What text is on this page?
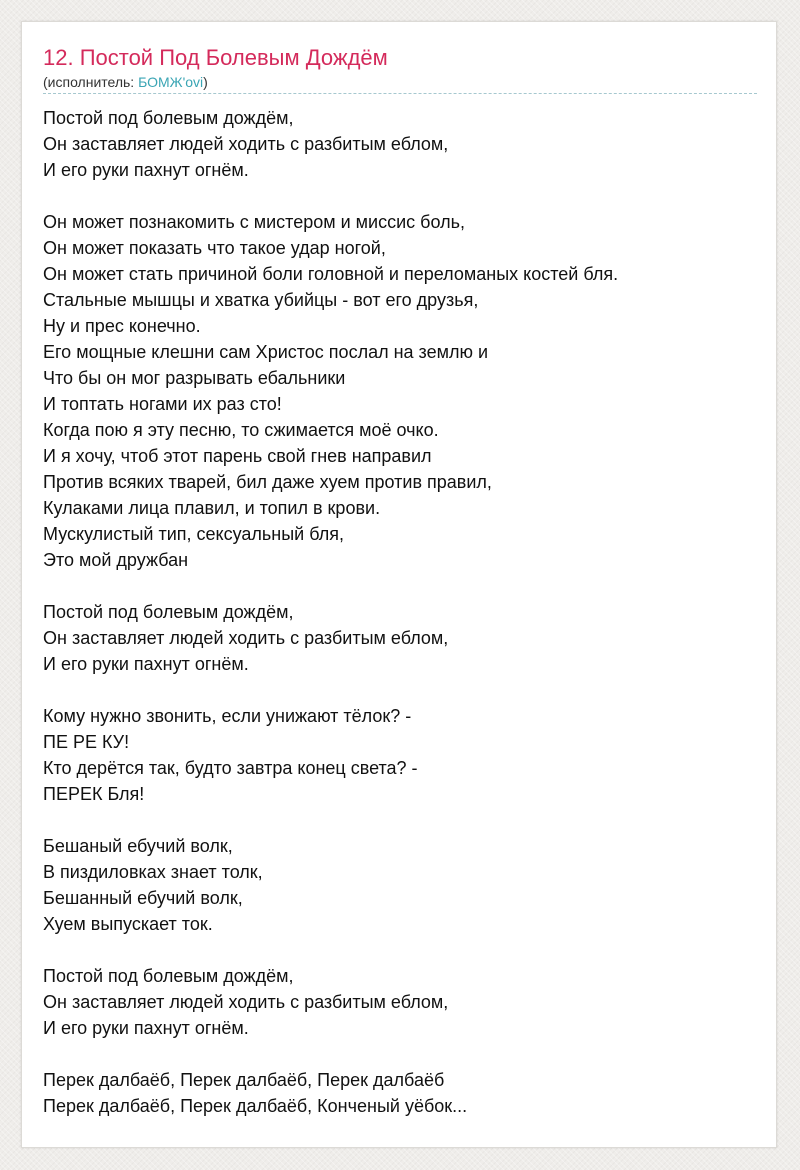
12. Постой Под Болевым Дождём
(исполнитель: БОМЖ'ovi)
Постой под болевым дождём,
Он заставляет людей ходить с разбитым еблом,
И его руки пахнут огнём.
Он может познакомить с мистером и миссис боль,
Он может показать что такое удар ногой,
Он может стать причиной боли головной и переломаных костей бля.
Стальные мышцы и хватка убийцы - вот его друзья,
Ну и прес конечно.
Его мощные клешни сам Христос послал на землю и
Что бы он мог разрывать ебальники
И топтать ногами их раз сто!
Когда пою я эту песню, то сжимается моё очко.
И я хочу, чтоб этот парень свой гнев направил
Против всяких тварей, бил даже хуем против правил,
Кулаками лица плавил, и топил в крови.
Мускулистый тип, сексуальный бля,
Это мой дружбан
Постой под болевым дождём,
Он заставляет людей ходить с разбитым еблом,
И его руки пахнут огнём.
Кому нужно звонить, если унижают тёлок? -
ПЕ РЕ КУ!
Кто дерётся так, будто завтра конец света? -
ПЕРЕК Бля!
Бешаный ебучий волк,
В пиздиловках знает толк,
Бешанный ебучий волк,
Хуем выпускает ток.
Постой под болевым дождём,
Он заставляет людей ходить с разбитым еблом,
И его руки пахнут огнём.
Перек далбаёб, Перек далбаёб, Перек далбаёб
Перек далбаёб, Перек далбаёб, Конченый уёбок...
